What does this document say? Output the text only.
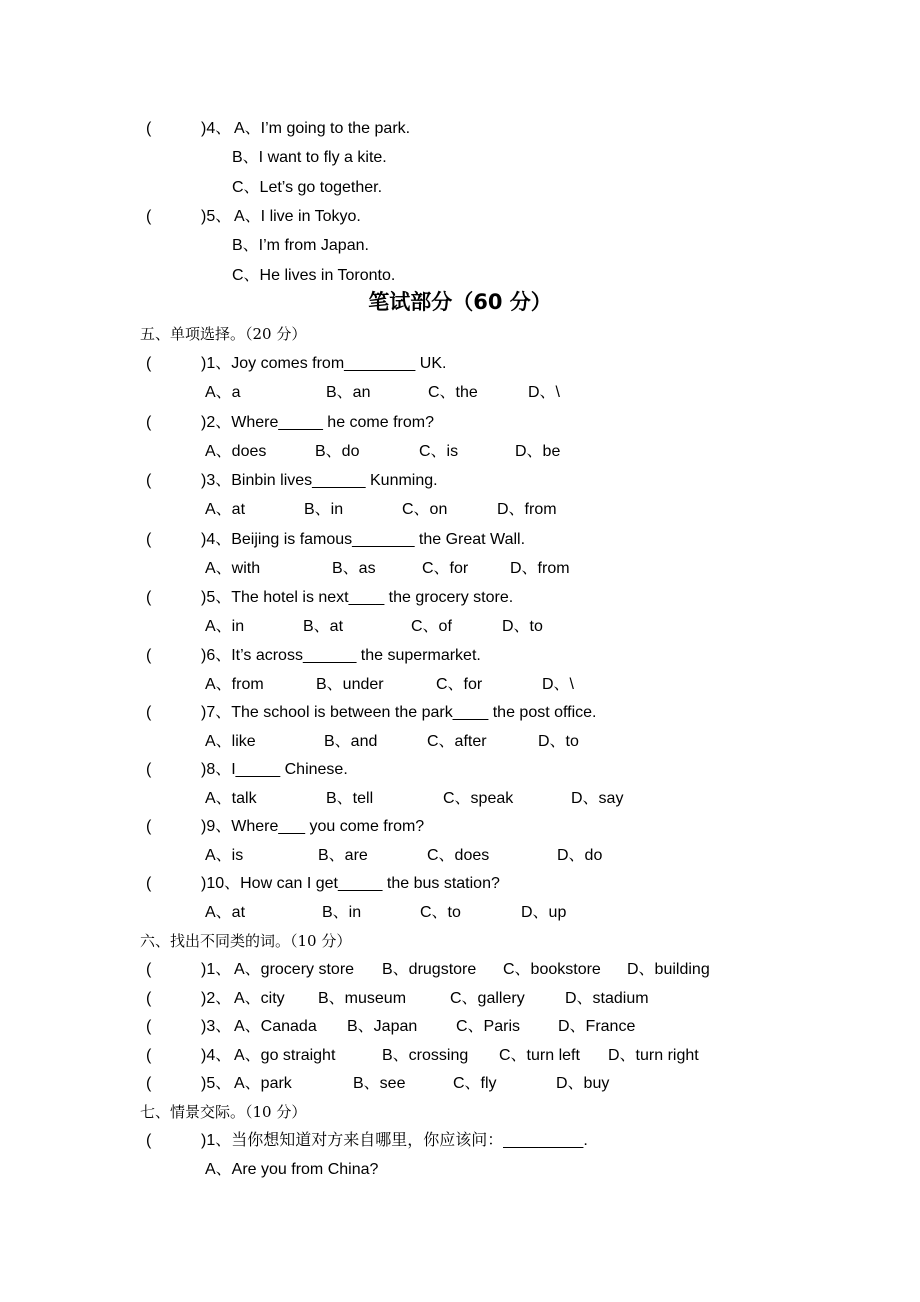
(	)4、 A、I’m going to the park.
B、I want to fly a kite.
C、Let’s go together.
(	)5、 A、I live in Tokyo.
B、I’m from Japan.
C、He lives in Toronto.
笔试部分（60 分）
五、单项选择。（20 分）
(	)1、Joy comes from________ UK.
A、a	B、an	C、the	D、\
(	)2、Where_____ he come from?
A、does	B、do	C、is	D、be
(	)3、Binbin lives______ Kunming.
A、at	B、in	C、on	D、from
(	)4、Beijing is famous_______ the Great Wall.
A、with	B、as	C、for	D、from
(	)5、The hotel is next____ the grocery store.
A、in	B、at	C、of	D、to
(	)6、It’s across______ the supermarket.
A、from	B、under	C、for	D、\
(	)7、The school is between the park____ the post office.
A、like	B、and	C、after	D、to
(	)8、I_____ Chinese.
A、talk	B、tell	C、speak	D、say
(	)9、Where___ you come from?
A、is	B、are	C、does	D、do
(	)10、How can I get_____ the bus station?
A、at	B、in	C、to	D、up
六、找出不同类的词。（10 分）
(	)1、 A、grocery store B、drugstore C、bookstore D、building
(	)2、 A、city B、museum	C、gallery	D、stadium
(	)3、 A、Canada B、Japan C、Paris D、France
(	)4、 A、go straight	B、crossing C、turn left D、turn right
(	)5、 A、park	B、see	C、fly	D、buy
七、情景交际。（10 分）
(	)1、当你想知道对方来自哪里，你应该问：_________.
A、Are you from China?
